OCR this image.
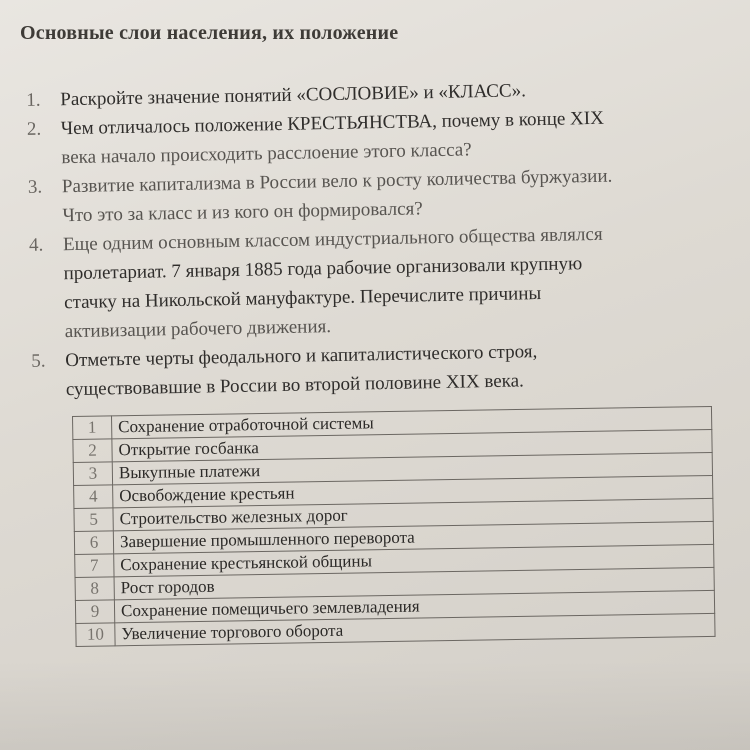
Основные слои населения, их положение
1. Раскройте значение понятий «СОСЛОВИЕ» и «КЛАСС».
2. Чем отличалось положение КРЕСТЬЯНСТВА, почему в конце XIX
века начало происходить расслоение этого класса?
3. Развитие капитализма в России вело к росту количества буржуазии.
Что это за класс и из кого он формировался?
4. Еще одним основным классом индустриального общества являлся
пролетариат. 7 января 1885 года рабочие организовали крупную
стачку на Никольской мануфактуре. Перечислите причины
активизации рабочего движения.
5. Отметьте черты феодального и капиталистического строя,
существовавшие в России во второй половине XIX века.
1	Сохранение отработочной системы
2	Открытие госбанка
3	Выкупные платежи
4	Освобождение крестьян
5	Строительство железных дорог
6	Завершение промышленного переворота
7	Сохранение крестьянской общины
8	Рост городов
9	Сохранение помещичьего землевладения
10	Увеличение торгового оборота
